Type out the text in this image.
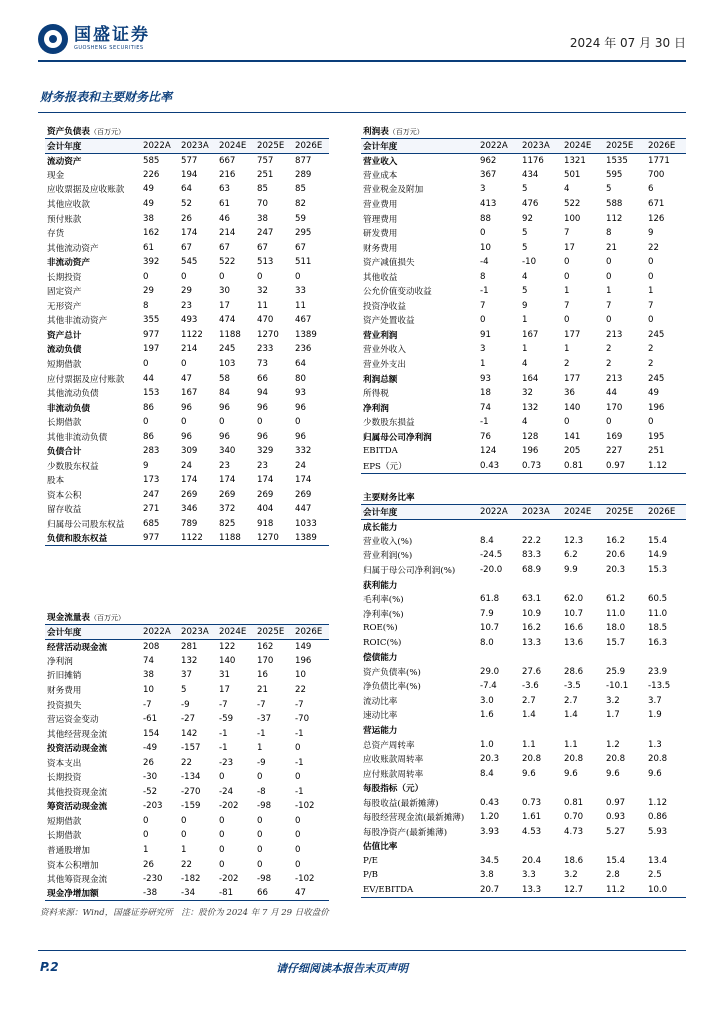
国盛证券
GUOSHENG SECURITIES	2024 年 07 月 30 日
财务报表和主要财务比率
资产负债表（百万元）					
会计年度	2022A	2023A	2024E	2025E	2026E
流动资产	585	577	667	757	877
现金	226	194	216	251	289
应收票据及应收账款	49	64	63	85	85
其他应收款	49	52	61	70	82
预付账款	38	26	46	38	59
存货	162	174	214	247	295
其他流动资产	61	67	67	67	67
非流动资产	392	545	522	513	511
长期投资	0	0	0	0	0
固定资产	29	29	30	32	33
无形资产	8	23	17	11	11
其他非流动资产	355	493	474	470	467
资产总计	977	1122	1188	1270	1389
流动负债	197	214	245	233	236
短期借款	0	0	103	73	64
应付票据及应付账款	44	47	58	66	80
其他流动负债	153	167	84	94	93
非流动负债	86	96	96	96	96
长期借款	0	0	0	0	0
其他非流动负债	86	96	96	96	96
负债合计	283	309	340	329	332
少数股东权益	9	24	23	23	24
股本	173	174	174	174	174
资本公积	247	269	269	269	269
留存收益	271	346	372	404	447
归属母公司股东权益	685	789	825	918	1033
负债和股东权益	977	1122	1188	1270	1389
利润表（百万元）					
会计年度	2022A	2023A	2024E	2025E	2026E
营业收入	962	1176	1321	1535	1771
营业成本	367	434	501	595	700
营业税金及附加	3	5	4	5	6
营业费用	413	476	522	588	671
管理费用	88	92	100	112	126
研发费用	0	5	7	8	9
财务费用	10	5	17	21	22
资产减值损失	-4	-10	0	0	0
其他收益	8	4	0	0	0
公允价值变动收益	-1	5	1	1	1
投资净收益	7	9	7	7	7
资产处置收益	0	1	0	0	0
营业利润	91	167	177	213	245
营业外收入	3	1	1	2	2
营业外支出	1	4	2	2	2
利润总额	93	164	177	213	245
所得税	18	32	36	44	49
净利润	74	132	140	170	196
少数股东损益	-1	4	0	0	0
归属母公司净利润	76	128	141	169	195
EBITDA	124	196	205	227	251
EPS（元）	0.43	0.73	0.81	0.97	1.12
主要财务比率					
会计年度	2022A	2023A	2024E	2025E	2026E
成长能力					
营业收入(%)	8.4	22.2	12.3	16.2	15.4
营业利润(%)	-24.5	83.3	6.2	20.6	14.9
归属于母公司净利润(%)	-20.0	68.9	9.9	20.3	15.3
获利能力					
毛利率(%)	61.8	63.1	62.0	61.2	60.5
净利率(%)	7.9	10.9	10.7	11.0	11.0
ROE(%)	10.7	16.2	16.6	18.0	18.5
ROIC(%)	8.0	13.3	13.6	15.7	16.3
偿债能力					
资产负债率(%)	29.0	27.6	28.6	25.9	23.9
净负债比率(%)	-7.4	-3.6	-3.5	-10.1	-13.5
流动比率	3.0	2.7	2.7	3.2	3.7
速动比率	1.6	1.4	1.4	1.7	1.9
营运能力					
总资产周转率	1.0	1.1	1.1	1.2	1.3
应收账款周转率	20.3	20.8	20.8	20.8	20.8
应付账款周转率	8.4	9.6	9.6	9.6	9.6
每股指标（元）					
每股收益(最新摊薄)	0.43	0.73	0.81	0.97	1.12
每股经营现金流(最新摊薄)	1.20	1.61	0.70	0.93	0.86
每股净资产(最新摊薄)	3.93	4.53	4.73	5.27	5.93
估值比率					
P/E	34.5	20.4	18.6	15.4	13.4
P/B	3.8	3.3	3.2	2.8	2.5
EV/EBITDA	20.7	13.3	12.7	11.2	10.0
现金流量表（百万元）					
会计年度	2022A	2023A	2024E	2025E	2026E
经营活动现金流	208	281	122	162	149
净利润	74	132	140	170	196
折旧摊销	38	37	31	16	10
财务费用	10	5	17	21	22
投资损失	-7	-9	-7	-7	-7
营运资金变动	-61	-27	-59	-37	-70
其他经营现金流	154	142	-1	-1	-1
投资活动现金流	-49	-157	-1	1	0
资本支出	26	22	-23	-9	-1
长期投资	-30	-134	0	0	0
其他投资现金流	-52	-270	-24	-8	-1
筹资活动现金流	-203	-159	-202	-98	-102
短期借款	0	0	0	0	0
长期借款	0	0	0	0	0
普通股增加	1	1	0	0	0
资本公积增加	26	22	0	0	0
其他筹资现金流	-230	-182	-202	-98	-102
现金净增加额	-38	-34	-81	66	47
资料来源：Wind，国盛证券研究所　注：股价为 2024 年 7 月 29 日收盘价
P.2	请仔细阅读本报告末页声明
